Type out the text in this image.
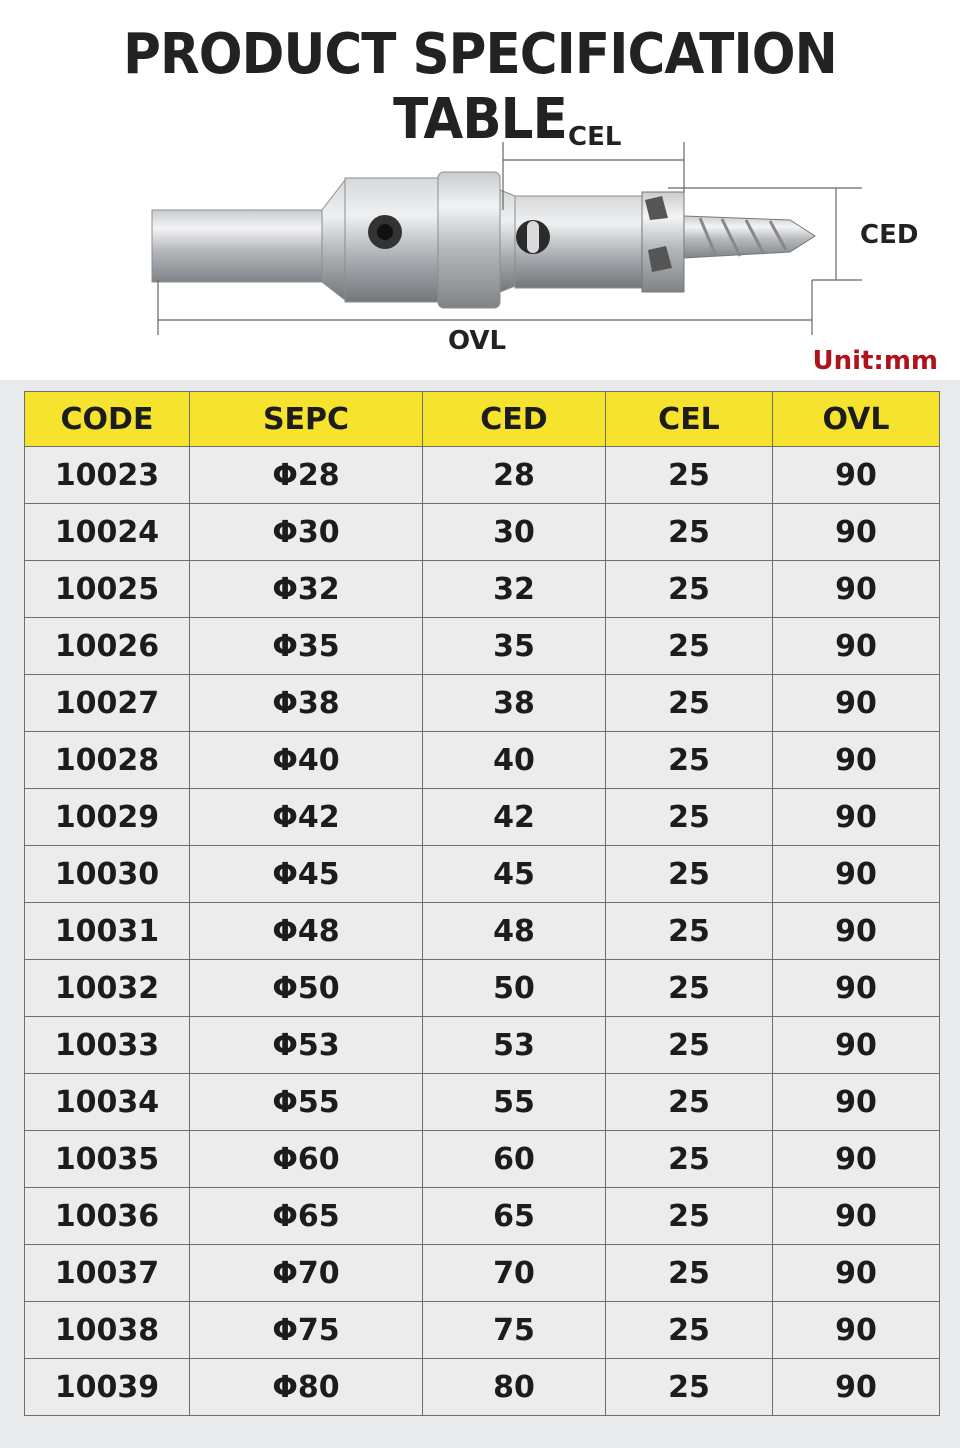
PRODUCT SPECIFICATION TABLE CEL
CED
OVL
Unit:mm
CODE	SEPC	CED	CEL	OVL
10023	Φ28	28	25	90
10024	Φ30	30	25	90
10025	Φ32	32	25	90
10026	Φ35	35	25	90
10027	Φ38	38	25	90
10028	Φ40	40	25	90
10029	Φ42	42	25	90
10030	Φ45	45	25	90
10031	Φ48	48	25	90
10032	Φ50	50	25	90
10033	Φ53	53	25	90
10034	Φ55	55	25	90
10035	Φ60	60	25	90
10036	Φ65	65	25	90
10037	Φ70	70	25	90
10038	Φ75	75	25	90
10039	Φ80	80	25	90
